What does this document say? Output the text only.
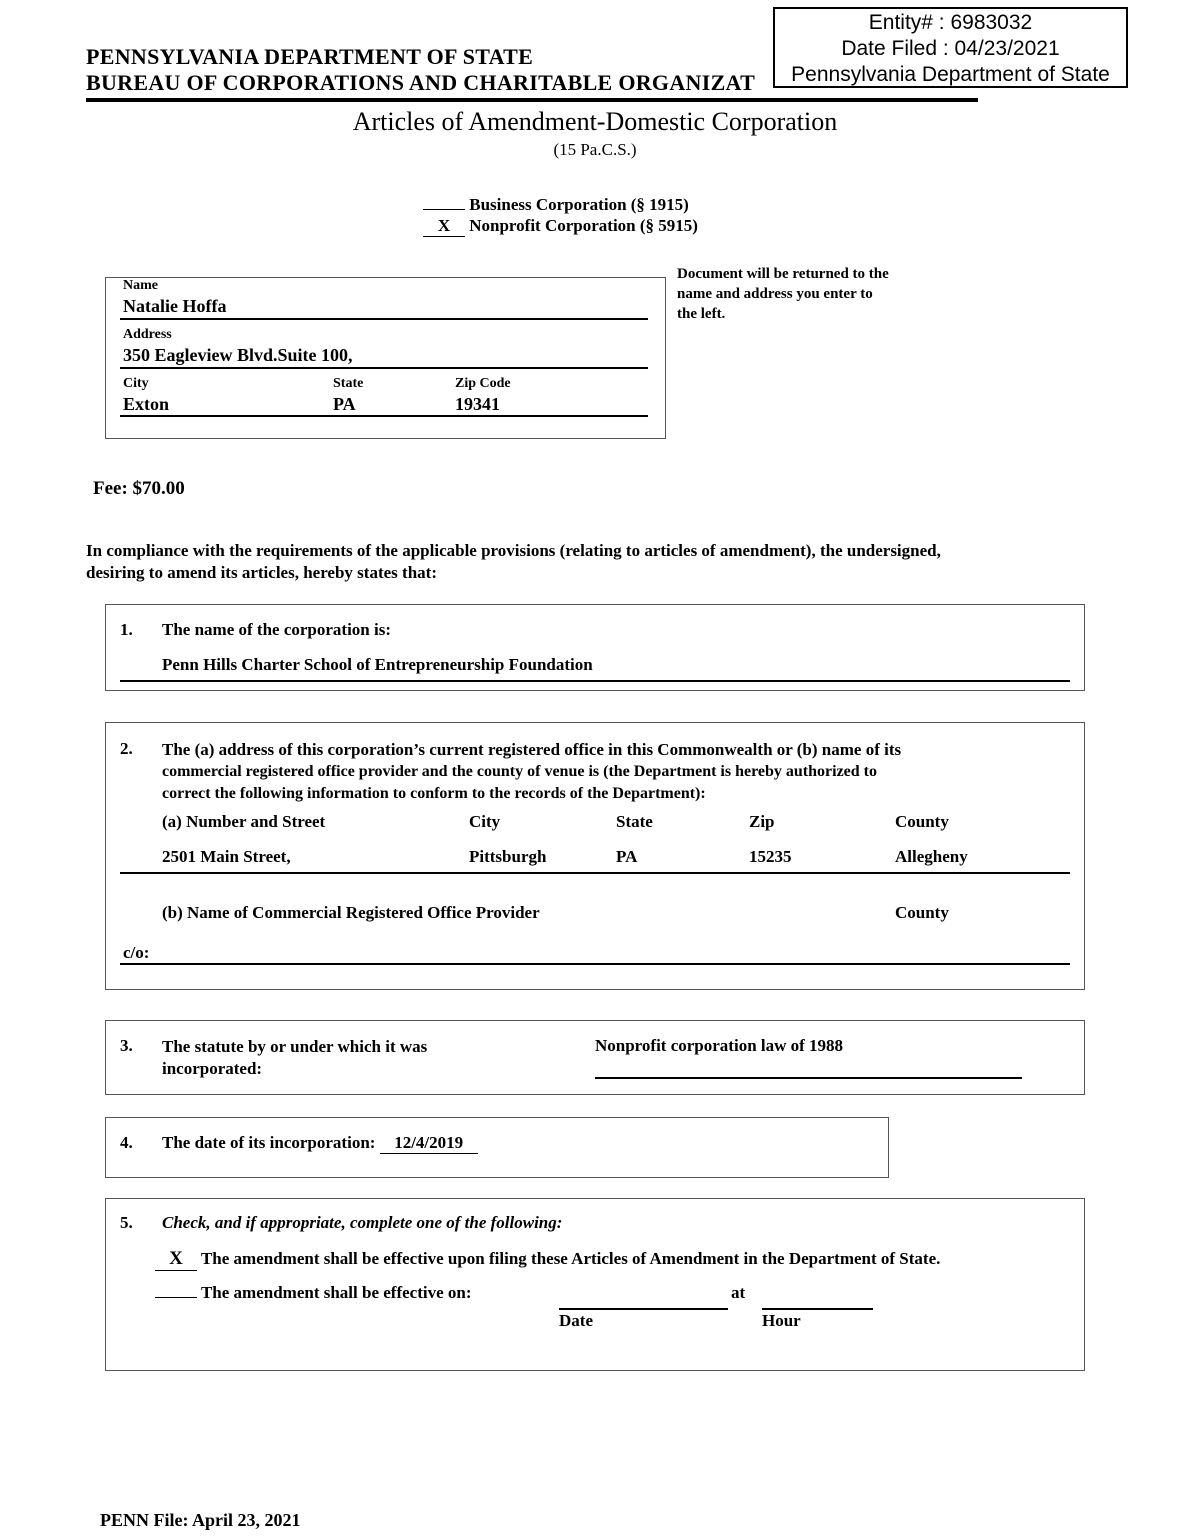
PENNSYLVANIA DEPARTMENT OF STATE
BUREAU OF CORPORATIONS AND CHARITABLE ORGANIZAT
Entity# : 6983032
Date Filed : 04/23/2021
Pennsylvania Department of State
Articles of Amendment-Domestic Corporation
(15 Pa.C.S.)
Business Corporation (§ 1915)
X Nonprofit Corporation (§ 5915)
Name
Natalie Hoffa
Address
350 Eagleview Blvd.Suite 100,
City	State	Zip Code
Exton	PA	19341
Document will be returned to the
name and address you enter to
the left.
Fee: $70.00
In compliance with the requirements of the applicable provisions (relating to articles of amendment), the undersigned,
desiring to amend its articles, hereby states that:
1. The name of the corporation is:
Penn Hills Charter School of Entrepreneurship Foundation
2. The (a) address of this corporation’s current registered office in this Commonwealth or (b) name of its
commercial registered office provider and the county of venue is (the Department is hereby authorized to
correct the following information to conform to the records of the Department):
(a) Number and Street	City	State	Zip	County
2501 Main Street,	Pittsburgh	PA	15235	Allegheny
(b) Name of Commercial Registered Office Provider	County
c/o:
3. The statute by or under which it was
incorporated:
Nonprofit corporation law of 1988
4. The date of its incorporation: 12/4/2019
5. Check, and if appropriate, complete one of the following:
X The amendment shall be effective upon filing these Articles of Amendment in the Department of State.
The amendment shall be effective on:	at
Date	Hour
PENN File: April 23, 2021
